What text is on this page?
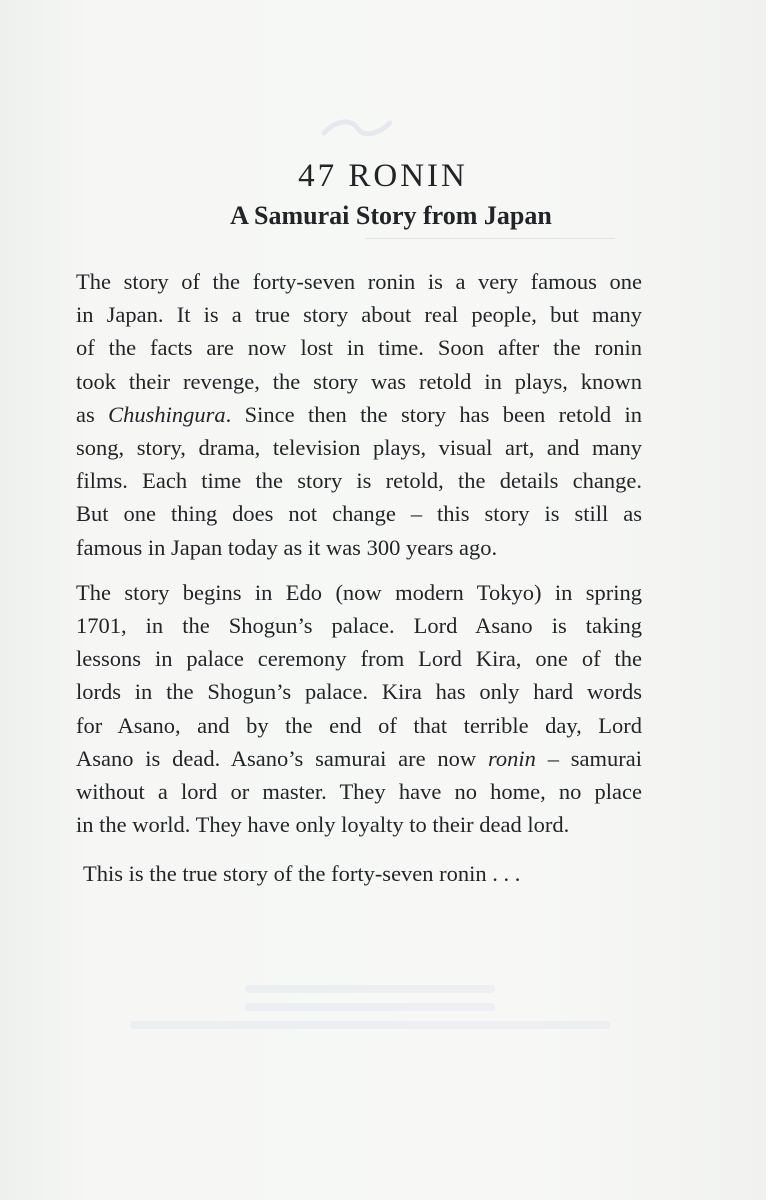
47 RONIN
A Samurai Story from Japan

The story of the forty-seven ronin is a very famous one
in Japan. It is a true story about real people, but many
of the facts are now lost in time. Soon after the ronin
took their revenge, the story was retold in plays, known
as Chushingura. Since then the story has been retold in
song, story, drama, television plays, visual art, and many
films. Each time the story is retold, the details change.
But one thing does not change – this story is still as
famous in Japan today as it was 300 years ago.

The story begins in Edo (now modern Tokyo) in spring
1701, in the Shogun’s palace. Lord Asano is taking
lessons in palace ceremony from Lord Kira, one of the
lords in the Shogun’s palace. Kira has only hard words
for Asano, and by the end of that terrible day, Lord
Asano is dead. Asano’s samurai are now ronin – samurai
without a lord or master. They have no home, no place
in the world. They have only loyalty to their dead lord.

This is the true story of the forty-seven ronin . . .
